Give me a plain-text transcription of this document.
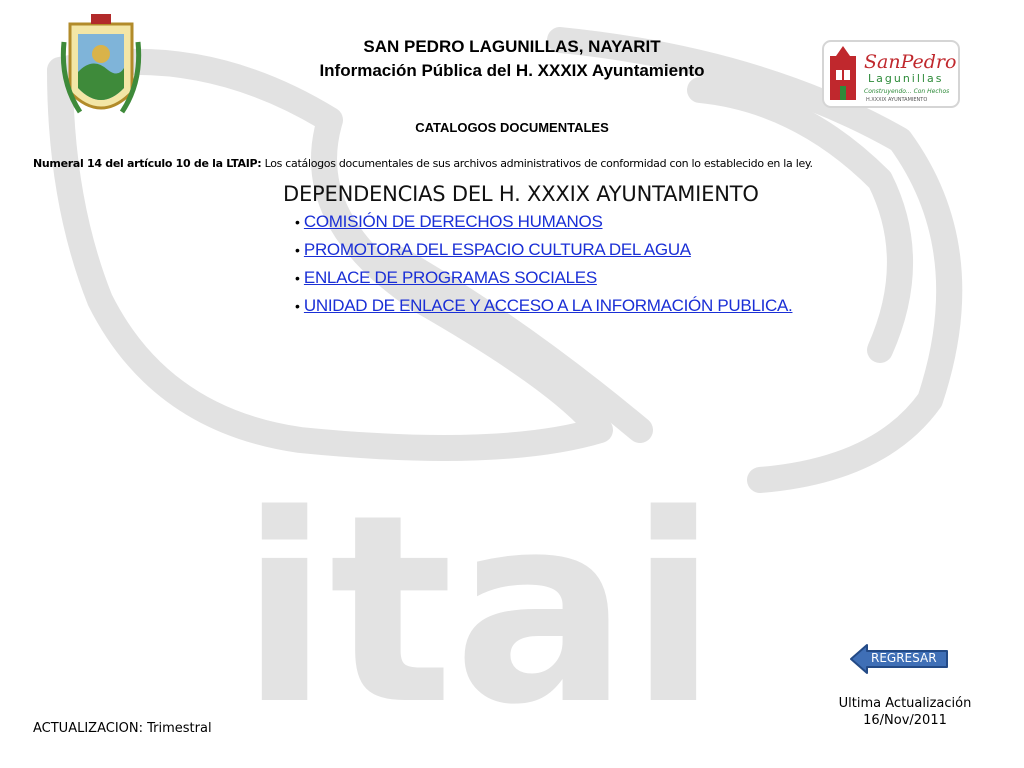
itai
SanPedro
Lagunillas
Construyendo... Con Hechos
H.XXXIX AYUNTAMIENTO
SAN PEDRO LAGUNILLAS, NAYARIT
Información Pública del H. XXXIX Ayuntamiento
CATALOGOS DOCUMENTALES
Numeral 14 del artículo 10 de la LTAIP: Los catálogos documentales de sus archivos administrativos de conformidad con lo establecido en la ley.
DEPENDENCIAS DEL H. XXXIX AYUNTAMIENTO
• COMISIÓN DE DERECHOS HUMANOS
• PROMOTORA DEL ESPACIO CULTURA DEL AGUA
• ENLACE DE PROGRAMAS SOCIALES
• UNIDAD DE ENLACE Y ACCESO A LA INFORMACIÓN PUBLICA.
REGRESAR
Ultima Actualización
16/Nov/2011
ACTUALIZACION: Trimestral
